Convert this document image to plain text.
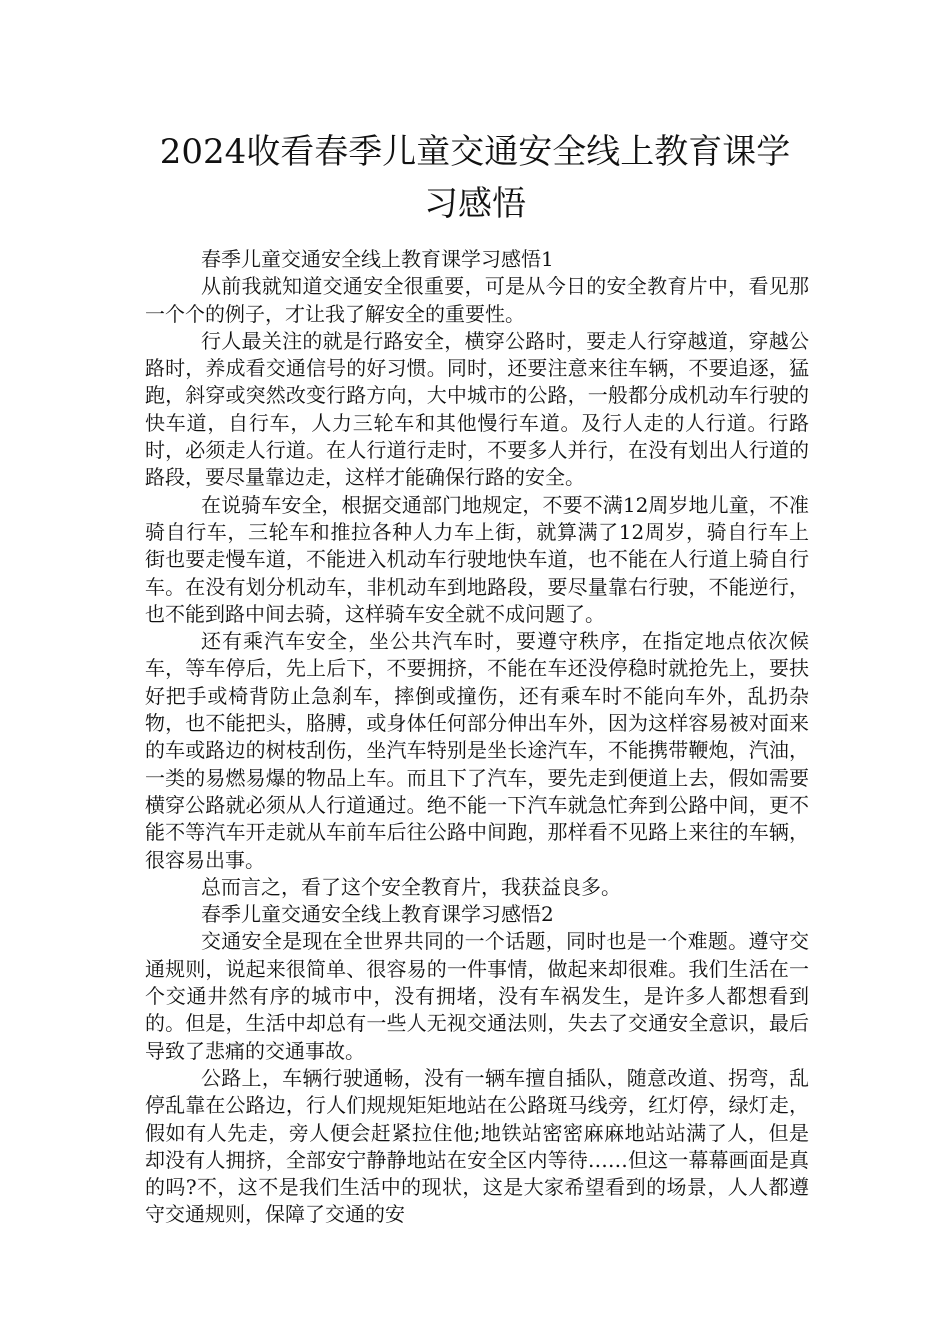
2024收看春季儿童交通安全线上教育课学
习感悟

春季儿童交通安全线上教育课学习感悟1

从前我就知道交通安全很重要，可是从今日的安全教育片中，看见那一个个的例子，才让我了解安全的重要性。

行人最关注的就是行路安全，横穿公路时，要走人行穿越道，穿越公路时，养成看交通信号的好习惯。同时，还要注意来往车辆，不要追逐，猛跑，斜穿或突然改变行路方向，大中城市的公路，一般都分成机动车行驶的快车道，自行车，人力三轮车和其他慢行车道。及行人走的人行道。行路时，必须走人行道。在人行道行走时，不要多人并行，在没有划出人行道的路段，要尽量靠边走，这样才能确保行路的安全。

在说骑车安全，根据交通部门地规定，不要不满12周岁地儿童，不准骑自行车，三轮车和推拉各种人力车上街，就算满了12周岁，骑自行车上街也要走慢车道，不能进入机动车行驶地快车道，也不能在人行道上骑自行车。在没有划分机动车，非机动车到地路段，要尽量靠右行驶，不能逆行，也不能到路中间去骑，这样骑车安全就不成问题了。

还有乘汽车安全，坐公共汽车时，要遵守秩序，在指定地点依次候车，等车停后，先上后下，不要拥挤，不能在车还没停稳时就抢先上，要扶好把手或椅背防止急刹车，摔倒或撞伤，还有乘车时不能向车外，乱扔杂物，也不能把头，胳膊，或身体任何部分伸出车外，因为这样容易被对面来的车或路边的树枝刮伤，坐汽车特别是坐长途汽车，不能携带鞭炮，汽油，一类的易燃易爆的物品上车。而且下了汽车，要先走到便道上去，假如需要横穿公路就必须从人行道通过。绝不能一下汽车就急忙奔到公路中间，更不能不等汽车开走就从车前车后往公路中间跑，那样看不见路上来往的车辆，很容易出事。

总而言之，看了这个安全教育片，我获益良多。

春季儿童交通安全线上教育课学习感悟2

交通安全是现在全世界共同的一个话题，同时也是一个难题。遵守交通规则，说起来很简单、很容易的一件事情，做起来却很难。我们生活在一个交通井然有序的城市中，没有拥堵，没有车祸发生，是许多人都想看到的。但是，生活中却总有一些人无视交通法则，失去了交通安全意识，最后导致了悲痛的交通事故。

公路上，车辆行驶通畅，没有一辆车擅自插队，随意改道、拐弯，乱停乱靠在公路边，行人们规规矩矩地站在公路斑马线旁，红灯停，绿灯走，假如有人先走，旁人便会赶紧拉住他;地铁站密密麻麻地站站满了人，但是却没有人拥挤，全部安宁静静地站在安全区内等待……但这一幕幕画面是真的吗?不，这不是我们生活中的现状，这是大家希望看到的场景，人人都遵守交通规则，保障了交通的安
